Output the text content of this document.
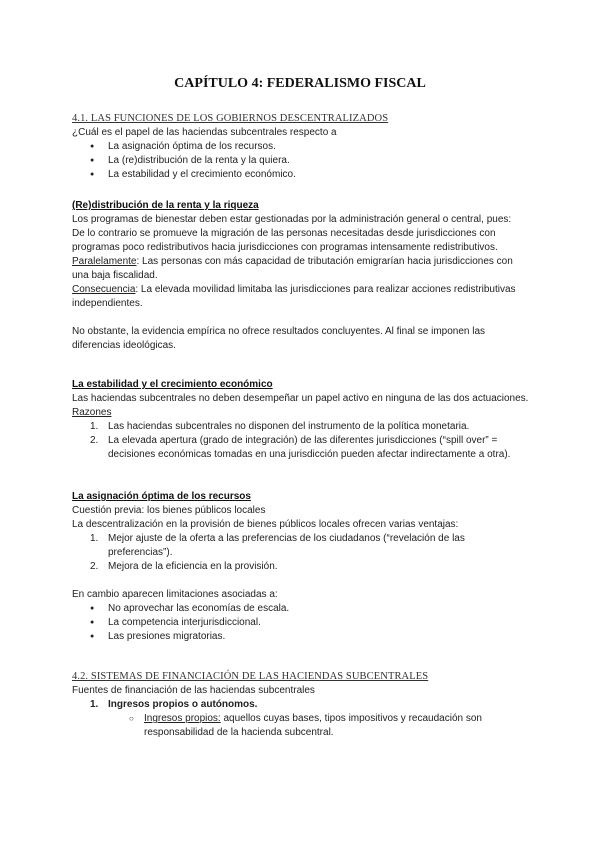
CAPÍTULO 4: FEDERALISMO FISCAL
4.1. LAS FUNCIONES DE LOS GOBIERNOS DESCENTRALIZADOS
¿Cuál es el papel de las haciendas subcentrales respecto a
● La asignación óptima de los recursos.
● La (re)distribución de la renta y la quiera.
● La estabilidad y el crecimiento económico.
(Re)distribución de la renta y la riqueza
Los programas de bienestar deben estar gestionadas por la administración general o central, pues:
De lo contrario se promueve la migración de las personas necesitadas desde jurisdicciones con programas poco redistributivos hacia jurisdicciones con programas intensamente redistributivos.
Paralelamente: Las personas con más capacidad de tributación emigrarían hacia jurisdicciones con una baja fiscalidad.
Consecuencia: La elevada movilidad limitaba las jurisdicciones para realizar acciones redistributivas independientes.
No obstante, la evidencia empírica no ofrece resultados concluyentes. Al final se imponen las diferencias ideológicas.
La estabilidad y el crecimiento económico
Las haciendas subcentrales no deben desempeñar un papel activo en ninguna de las dos actuaciones.
Razones
1. Las haciendas subcentrales no disponen del instrumento de la política monetaria.
2. La elevada apertura (grado de integración) de las diferentes jurisdicciones (“spill over” = decisiones económicas tomadas en una jurisdicción pueden afectar indirectamente a otra).
La asignación óptima de los recursos
Cuestión previa: los bienes públicos locales
La descentralización en la provisión de bienes públicos locales ofrecen varias ventajas:
1. Mejor ajuste de la oferta a las preferencias de los ciudadanos (“revelación de las preferencias”).
2. Mejora de la eficiencia en la provisión.
En cambio aparecen limitaciones asociadas a:
● No aprovechar las economías de escala.
● La competencia interjurisdiccional.
● Las presiones migratorias.
4.2. SISTEMAS DE FINANCIACIÓN DE LAS HACIENDAS SUBCENTRALES
Fuentes de financiación de las haciendas subcentrales
1. Ingresos propios o autónomos.
○ Ingresos propios: aquellos cuyas bases, tipos impositivos y recaudación son responsabilidad de la hacienda subcentral.
